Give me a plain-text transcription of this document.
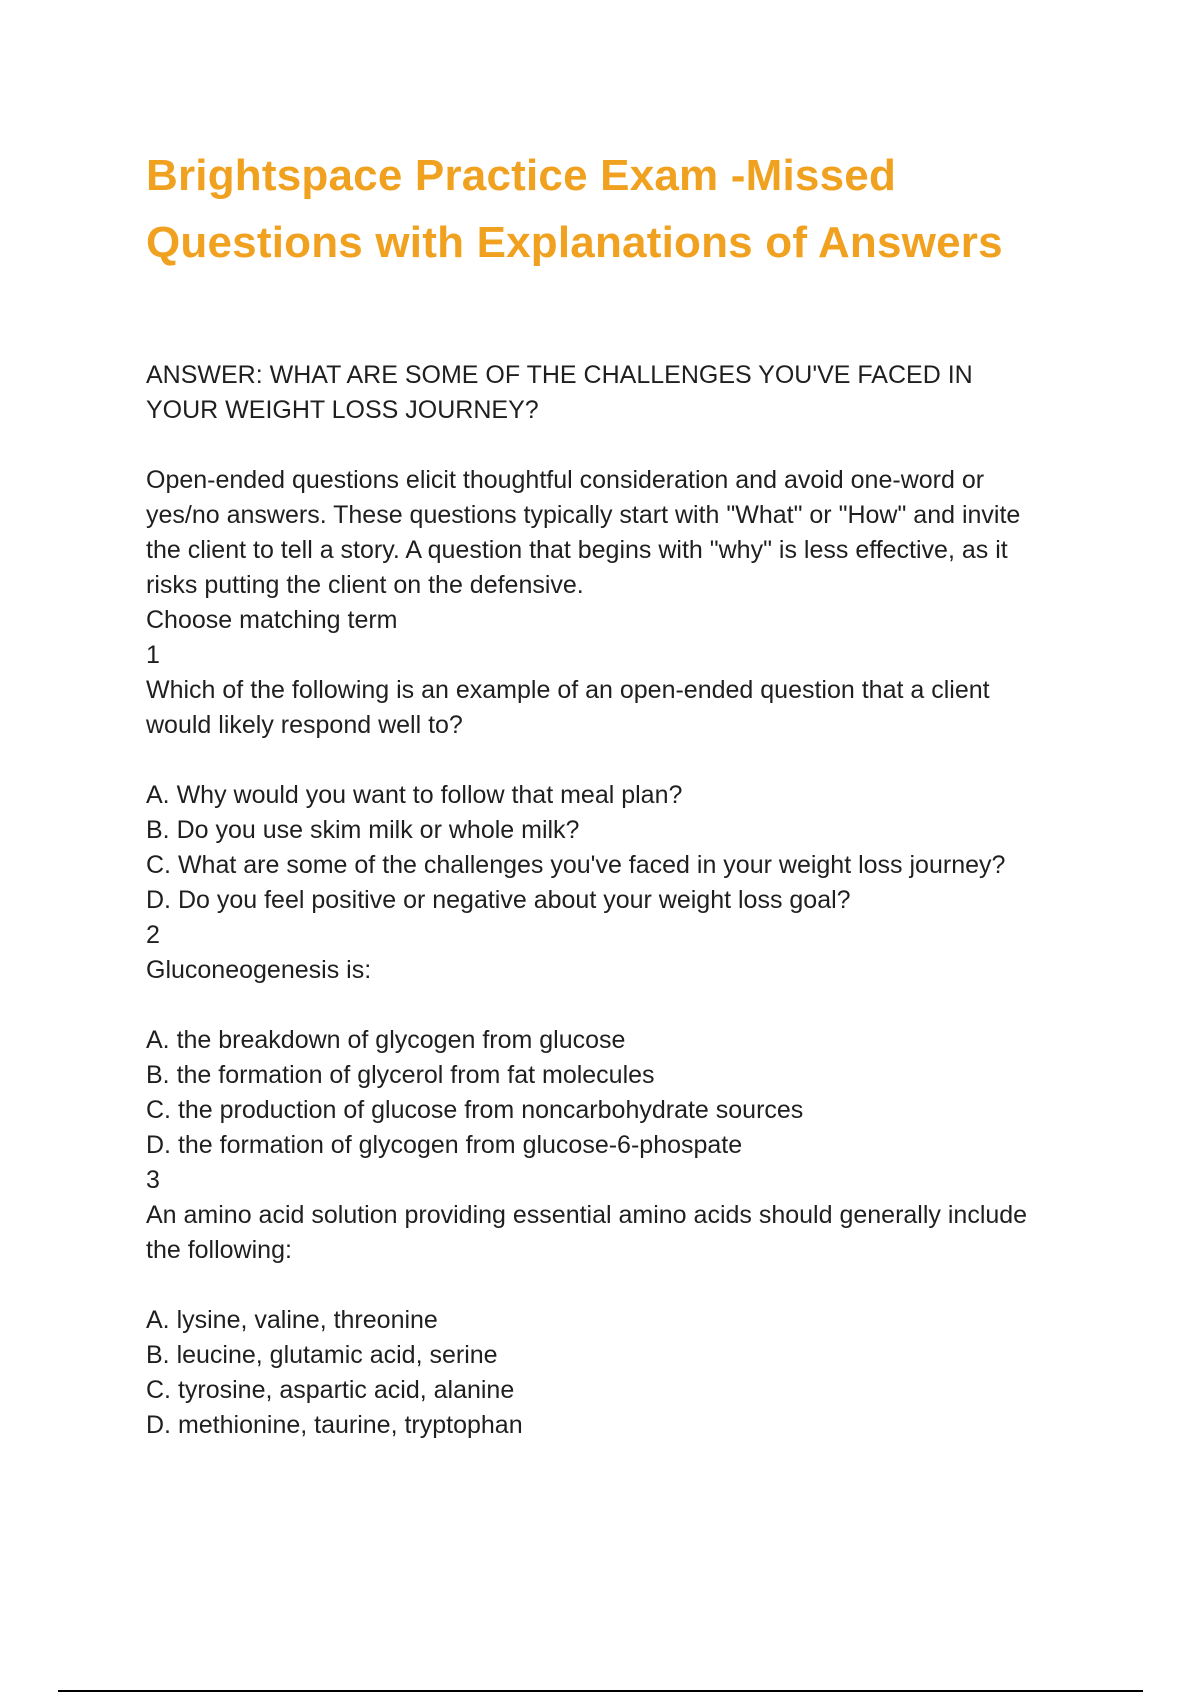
Brightspace Practice Exam -Missed
Questions with Explanations of Answers
ANSWER: WHAT ARE SOME OF THE CHALLENGES YOU'VE FACED IN
YOUR WEIGHT LOSS JOURNEY?
Open-ended questions elicit thoughtful consideration and avoid one-word or
yes/no answers. These questions typically start with "What" or "How" and invite
the client to tell a story. A question that begins with "why" is less effective, as it
risks putting the client on the defensive.
Choose matching term
1
Which of the following is an example of an open-ended question that a client
would likely respond well to?
A. Why would you want to follow that meal plan?
B. Do you use skim milk or whole milk?
C. What are some of the challenges you've faced in your weight loss journey?
D. Do you feel positive or negative about your weight loss goal?
2
Gluconeogenesis is:
A. the breakdown of glycogen from glucose
B. the formation of glycerol from fat molecules
C. the production of glucose from noncarbohydrate sources
D. the formation of glycogen from glucose-6-phospate
3
An amino acid solution providing essential amino acids should generally include
the following:
A. lysine, valine, threonine
B. leucine, glutamic acid, serine
C. tyrosine, aspartic acid, alanine
D. methionine, taurine, tryptophan
